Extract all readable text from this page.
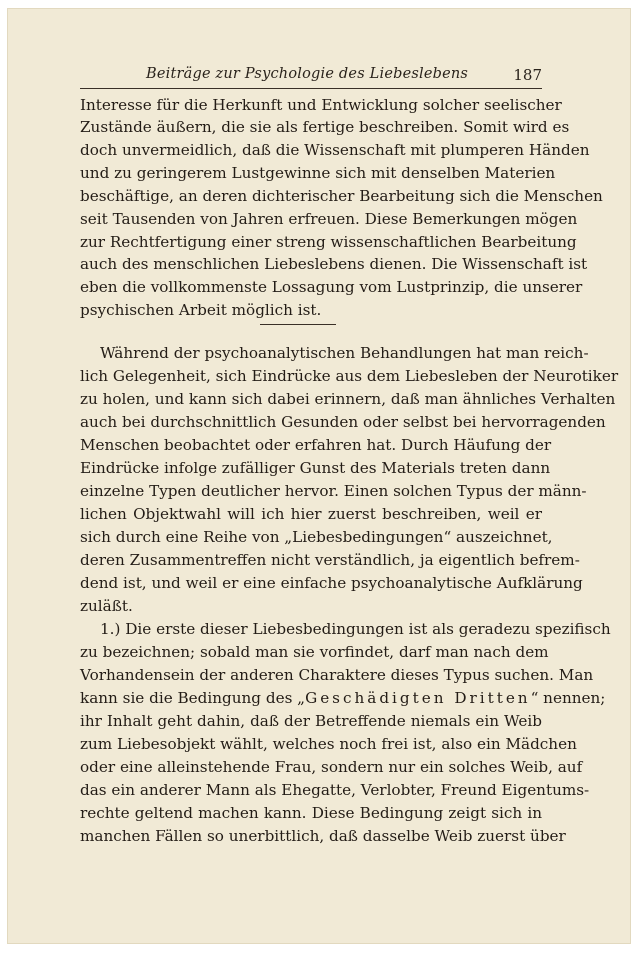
Beiträge zur Psychologie des Liebeslebens	187
Interesse für die Herkunft und Entwicklung solcher seelischer
Zustände äußern, die sie als fertige beschreiben. Somit wird es
doch unvermeidlich, daß die Wissenschaft mit plumperen Händen
und zu geringerem Lustgewinne sich mit denselben Materien
beschäftige, an deren dichterischer Bearbeitung sich die Menschen
seit Tausenden von Jahren erfreuen. Diese Bemerkungen mögen
zur Rechtfertigung einer streng wissenschaftlichen Bearbeitung
auch des menschlichen Liebeslebens dienen. Die Wissenschaft ist
eben die vollkommenste Lossagung vom Lustprinzip, die unserer
psychischen Arbeit möglich ist.
Während der psychoanalytischen Behandlungen hat man reich-
lich Gelegenheit, sich Eindrücke aus dem Liebesleben der Neurotiker
zu holen, und kann sich dabei erinnern, daß man ähnliches Verhalten
auch bei durchschnittlich Gesunden oder selbst bei hervorragenden
Menschen beobachtet oder erfahren hat. Durch Häufung der
Eindrücke infolge zufälliger Gunst des Materials treten dann
einzelne Typen deutlicher hervor. Einen solchen Typus der männ-
lichen Objektwahl will ich hier zuerst beschreiben, weil er
sich durch eine Reihe von „Liebesbedingungen“ auszeichnet,
deren Zusammentreffen nicht verständlich, ja eigentlich befrem-
dend ist, und weil er eine einfache psychoanalytische Aufklärung
zuläßt.
1.) Die erste dieser Liebesbedingungen ist als geradezu spezifisch
zu bezeichnen; sobald man sie vorfindet, darf man nach dem
Vorhandensein der anderen Charaktere dieses Typus suchen. Man
kann sie die Bedingung des „Geschädigten Dritten“ nennen;
ihr Inhalt geht dahin, daß der Betreffende niemals ein Weib
zum Liebesobjekt wählt, welches noch frei ist, also ein Mädchen
oder eine alleinstehende Frau, sondern nur ein solches Weib, auf
das ein anderer Mann als Ehegatte, Verlobter, Freund Eigentums-
rechte geltend machen kann. Diese Bedingung zeigt sich in
manchen Fällen so unerbittlich, daß dasselbe Weib zuerst über
